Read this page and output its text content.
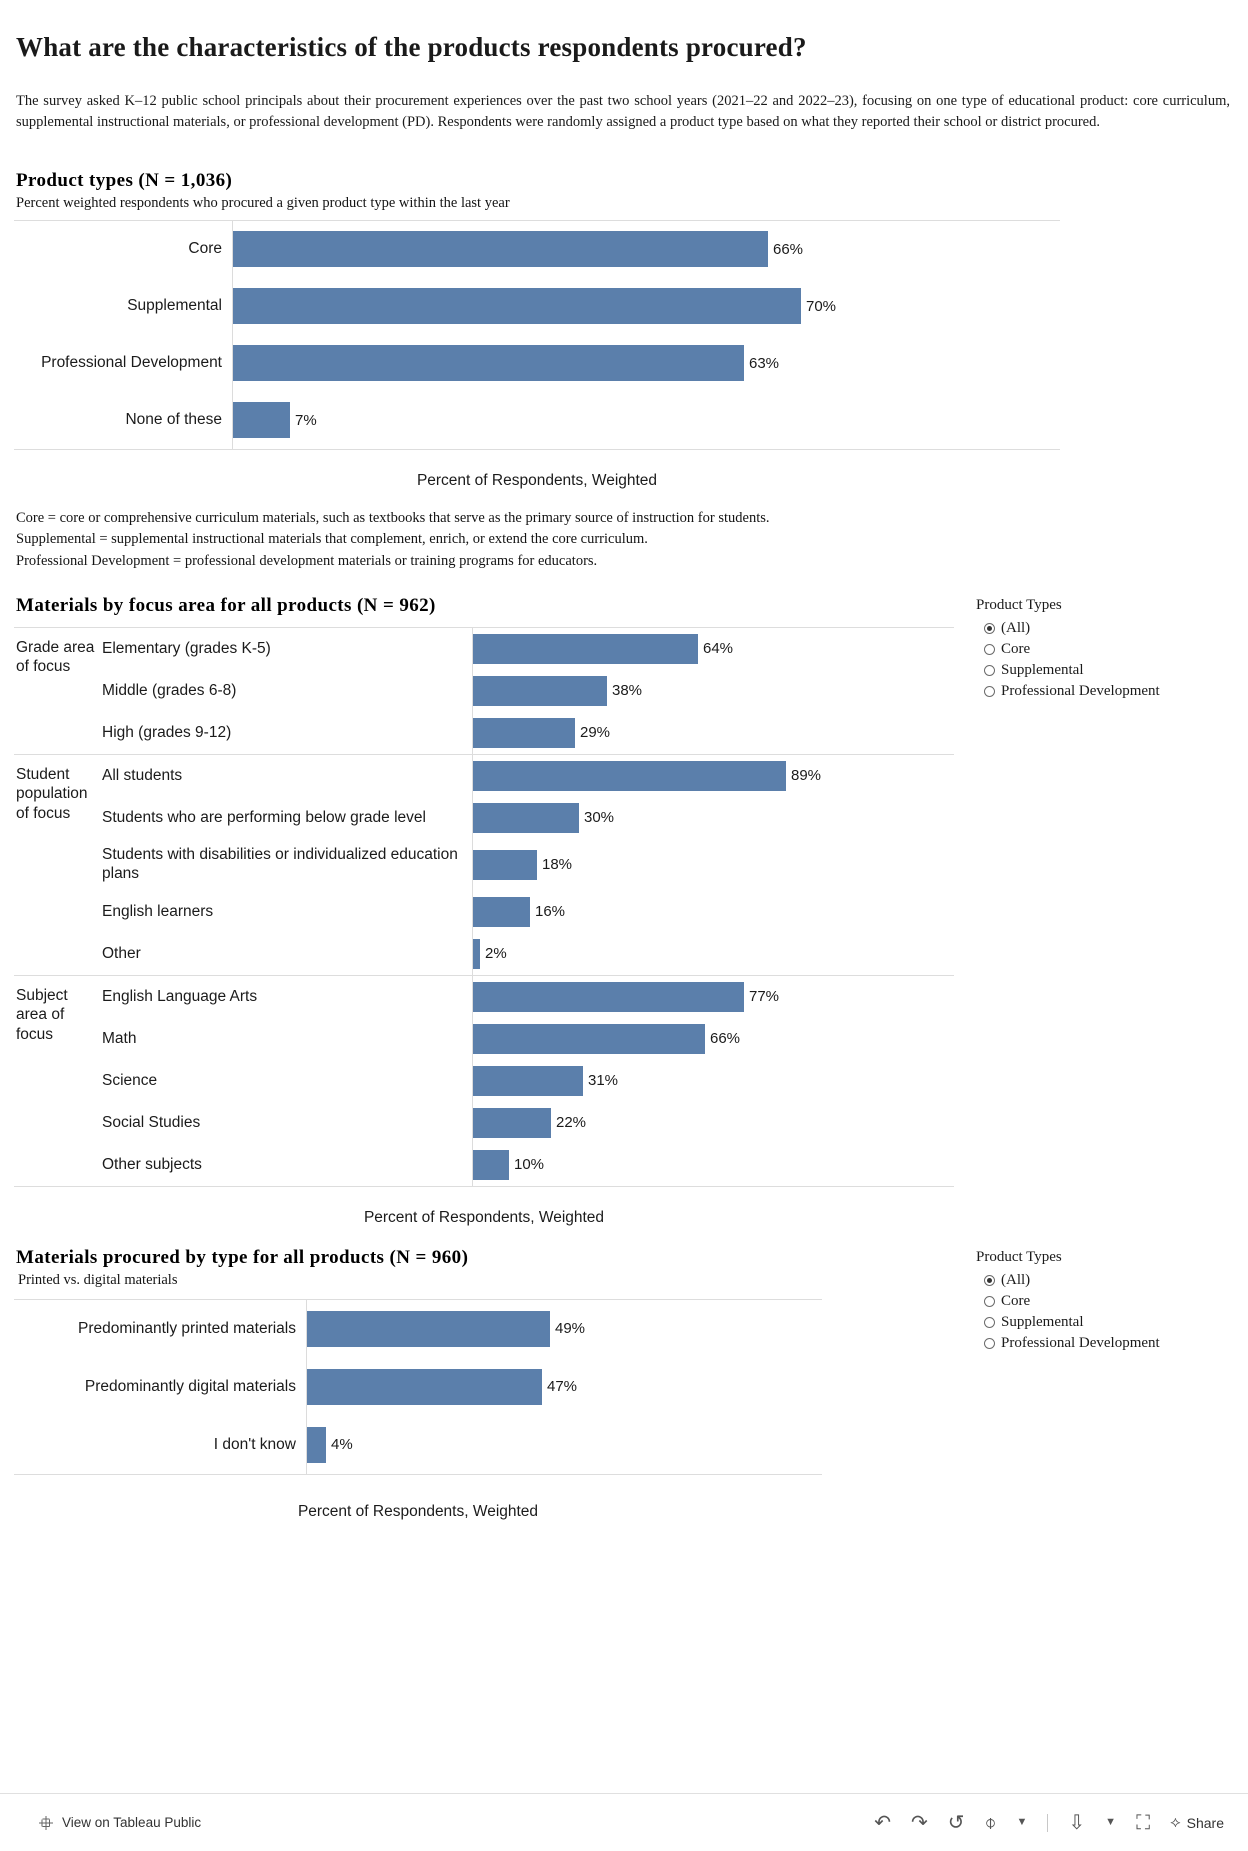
What are the characteristics of the products respondents procured?

The survey asked K–12 public school principals about their procurement experiences over the past two school years (2021–22 and 2022–23), focusing on one type of educational product: core curriculum, supplemental instructional materials, or professional development (PD). Respondents were randomly assigned a product type based on what they reported their school or district procured.

Product types (N = 1,036)
Percent weighted respondents who procured a given product type within the last year
Core	66%
Supplemental	70%
Professional Development	63%
None of these	7%
Percent of Respondents, Weighted
Core = core or comprehensive curriculum materials, such as textbooks that serve as the primary source of instruction for students.
Supplemental = supplemental instructional materials that complement, enrich, or extend the core curriculum.
Professional Development = professional development materials or training programs for educators.
Materials by focus area for all products (N = 962)
Grade area of focus
Elementary (grades K-5)	64%
Middle (grades 6-8)	38%
High (grades 9-12)	29%
Student population of focus
All students	89%
Students who are performing below grade level	30%
Students with disabilities or individualized education plans	18%
English learners	16%
Other	2%
Subject area of focus
English Language Arts	77%
Math	66%
Science	31%
Social Studies	22%
Other subjects	10%
Product Types
(All)
Core
Supplemental
Professional Development
Percent of Respondents, Weighted
Materials procured by type for all products (N = 960)
Printed vs. digital materials
Predominantly printed materials	49%
Predominantly digital materials	47%
I don't know	4%
Product Types
(All)
Core
Supplemental
Professional Development
Percent of Respondents, Weighted
View on Tableau Public	↶ ↷ ↺ ⌽ ▼ ⇩ ▼ ⛶ ⟡ Share
